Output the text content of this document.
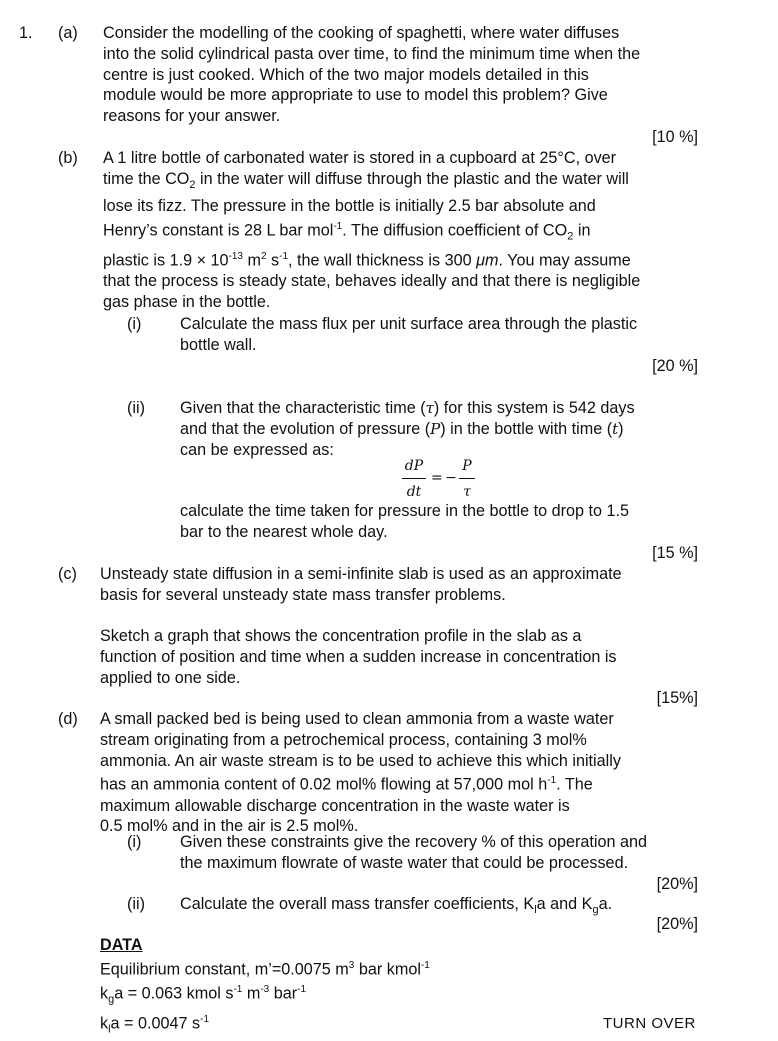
1. (a) Consider the modelling of the cooking of spaghetti, where water diffuses
into the solid cylindrical pasta over time, to find the minimum time when the
centre is just cooked. Which of the two major models detailed in this
module would be more appropriate to use to model this problem? Give
reasons for your answer.
[10 %]
(b) A 1 litre bottle of carbonated water is stored in a cupboard at 25°C, over
time the $CO_2$ in the water will diffuse through the plastic and the water will
lose its fizz. The pressure in the bottle is initially 2.5 bar absolute and
Henry’s constant is 28 L bar mol$^{-1}$. The diffusion coefficient of $CO_2$ in
plastic is $1.9 \times 10^{-13}$ $m^2$ $s^{-1}$, the wall thickness is 300 μm. You may assume
that the process is steady state, behaves ideally and that there is negligible
gas phase in the bottle.
(i) Calculate the mass flux per unit surface area through the plastic
bottle wall.
[20 %]
(ii) Given that the characteristic time (τ) for this system is 542 days
and that the evolution of pressure (P) in the bottle with time (t)
can be expressed as:
dP
dt
= −
P
τ
calculate the time taken for pressure in the bottle to drop to 1.5
bar to the nearest whole day.
[15 %]
(c) Unsteady state diffusion in a semi-infinite slab is used as an approximate
basis for several unsteady state mass transfer problems.
Sketch a graph that shows the concentration profile in the slab as a
function of position and time when a sudden increase in concentration is
applied to one side.
[15%]
(d) A small packed bed is being used to clean ammonia from a waste water
stream originating from a petrochemical process, containing 3 mol%
ammonia. An air waste stream is to be used to achieve this which initially
has an ammonia content of 0.02 mol% flowing at 57,000 mol $h^{-1}$. The
maximum allowable discharge concentration in the waste water is
0.5 mol% and in the air is 2.5 mol%.
(i) Given these constraints give the recovery % of this operation and
the maximum flowrate of waste water that could be processed.
[20%]
(ii) Calculate the overall mass transfer coefficients, $K_la$ and $K_ga$.
[20%]
DATA
Equilibrium constant, m’=0.0075 $m^3$ bar kmol$^{-1}$
$k_ga = 0.063$ kmol $s^{-1}$ $m^{-3}$ bar$^{-1}$
$k_la = 0.0047$ $s^{-1}$	TURN OVER
